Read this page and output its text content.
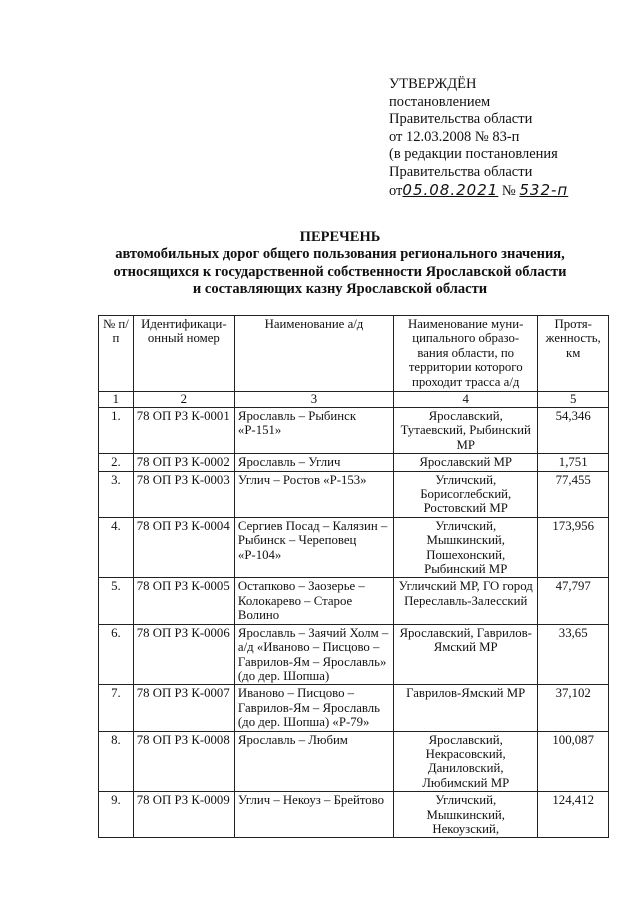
УТВЕРЖДЁН
постановлением
Правительства области
от 12.03.2008 № 83-п
(в редакции постановления
Правительства области
от05.08.2021 № 532-п
ПЕРЕЧЕНЬ
автомобильных дорог общего пользования регионального значения,
относящихся к государственной собственности Ярославской области
и составляющих казну Ярославской области
№ п/п	Идентификаци-онный номер	Наименование а/д	Наименование муни-ципального образо-вания области, по территории которого проходит трасса а/д	Протя-женность, км
1	2	3	4	5
1.	78 ОП РЗ К-0001	Ярославль – Рыбинск «Р-151»	Ярославский, Тутаевский, Рыбинский МР	54,346
2.	78 ОП РЗ К-0002	Ярославль – Углич	Ярославский МР	1,751
3.	78 ОП РЗ К-0003	Углич – Ростов «Р-153»	Угличский, Борисоглебский, Ростовский МР	77,455
4.	78 ОП РЗ К-0004	Сергиев Посад – Калязин – Рыбинск – Череповец «Р-104»	Угличский, Мышкинский, Пошехонский, Рыбинский МР	173,956
5.	78 ОП РЗ К-0005	Остапково – Заозерье – Колокарево – Старое Волино	Угличский МР, ГО город Переславль-Залесский	47,797
6.	78 ОП РЗ К-0006	Ярославль – Заячий Холм – а/д «Иваново – Писцово – Гаврилов-Ям – Ярославль» (до дер. Шопша)	Ярославский, Гаврилов-Ямский МР	33,65
7.	78 ОП РЗ К-0007	Иваново – Писцово – Гаврилов-Ям – Ярославль (до дер. Шопша) «Р-79»	Гаврилов-Ямский МР	37,102
8.	78 ОП РЗ К-0008	Ярославль – Любим	Ярославский, Некрасовский, Даниловский, Любимский МР	100,087
9.	78 ОП РЗ К-0009	Углич – Некоуз – Брейтово	Угличский, Мышкинский, Некоузский,	124,412
